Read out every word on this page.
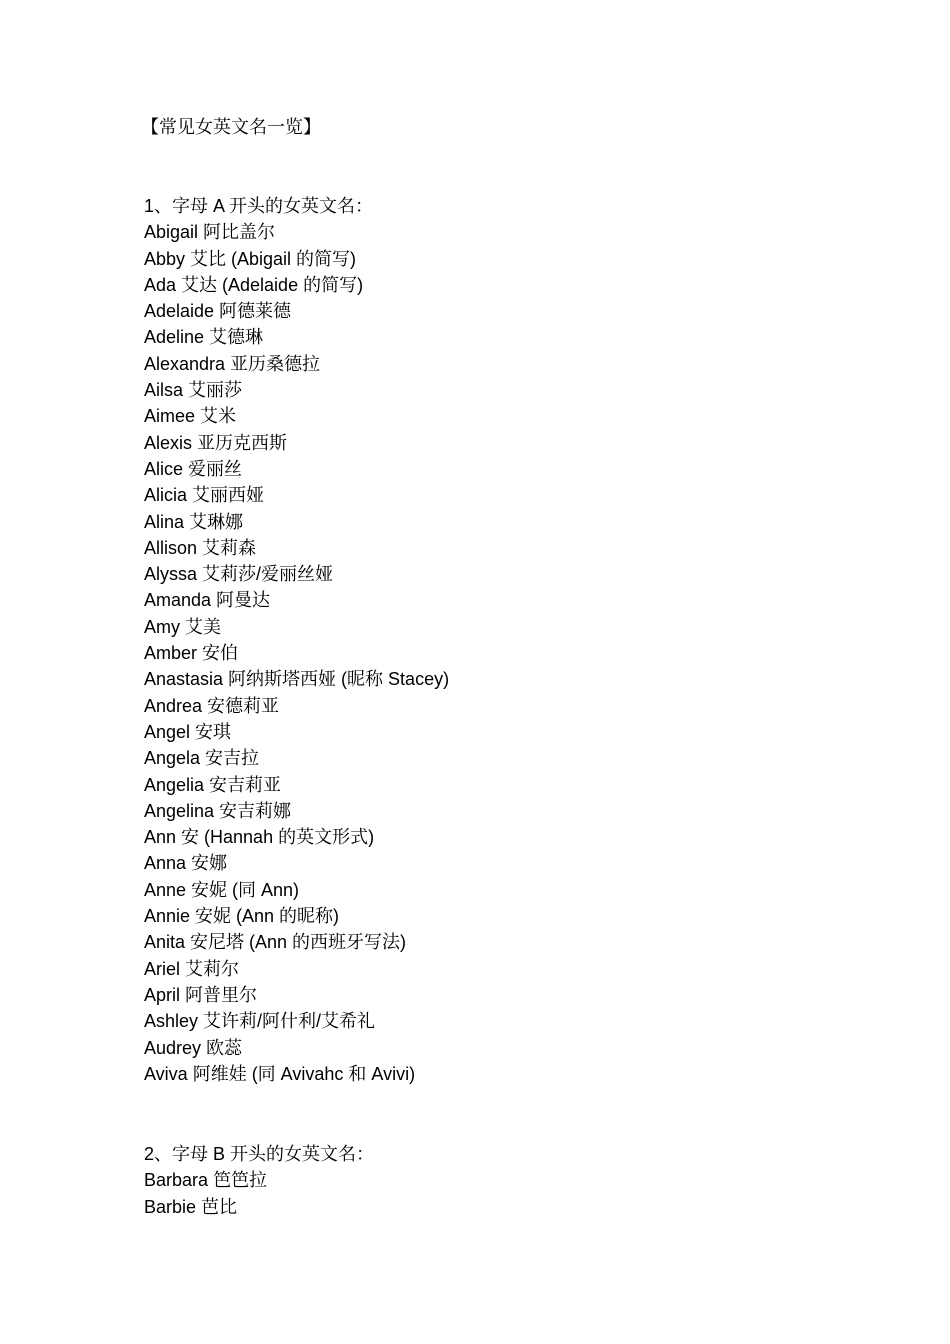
【常见女英文名一览】
1、字母 A 开头的女英文名：
Abigail 阿比盖尔
Abby 艾比 (Abigail 的简写)
Ada 艾达 (Adelaide 的简写)
Adelaide 阿德莱德
Adeline 艾德琳
Alexandra 亚历桑德拉
Ailsa 艾丽莎
Aimee 艾米
Alexis 亚历克西斯
Alice 爱丽丝
Alicia 艾丽西娅
Alina 艾琳娜
Allison 艾莉森
Alyssa 艾莉莎/爱丽丝娅
Amanda 阿曼达
Amy 艾美
Amber 安伯
Anastasia 阿纳斯塔西娅 (昵称 Stacey)
Andrea 安德莉亚
Angel 安琪
Angela 安吉拉
Angelia 安吉莉亚
Angelina 安吉莉娜
Ann 安 (Hannah 的英文形式)
Anna 安娜
Anne 安妮 (同 Ann)
Annie 安妮 (Ann 的昵称)
Anita 安尼塔 (Ann 的西班牙写法)
Ariel 艾莉尔
April 阿普里尔
Ashley 艾许莉/阿什利/艾希礼
Audrey 欧蕊
Aviva 阿维娃 (同 Avivahc 和 Avivi)
2、字母 B 开头的女英文名：
Barbara 笆笆拉
Barbie 芭比
